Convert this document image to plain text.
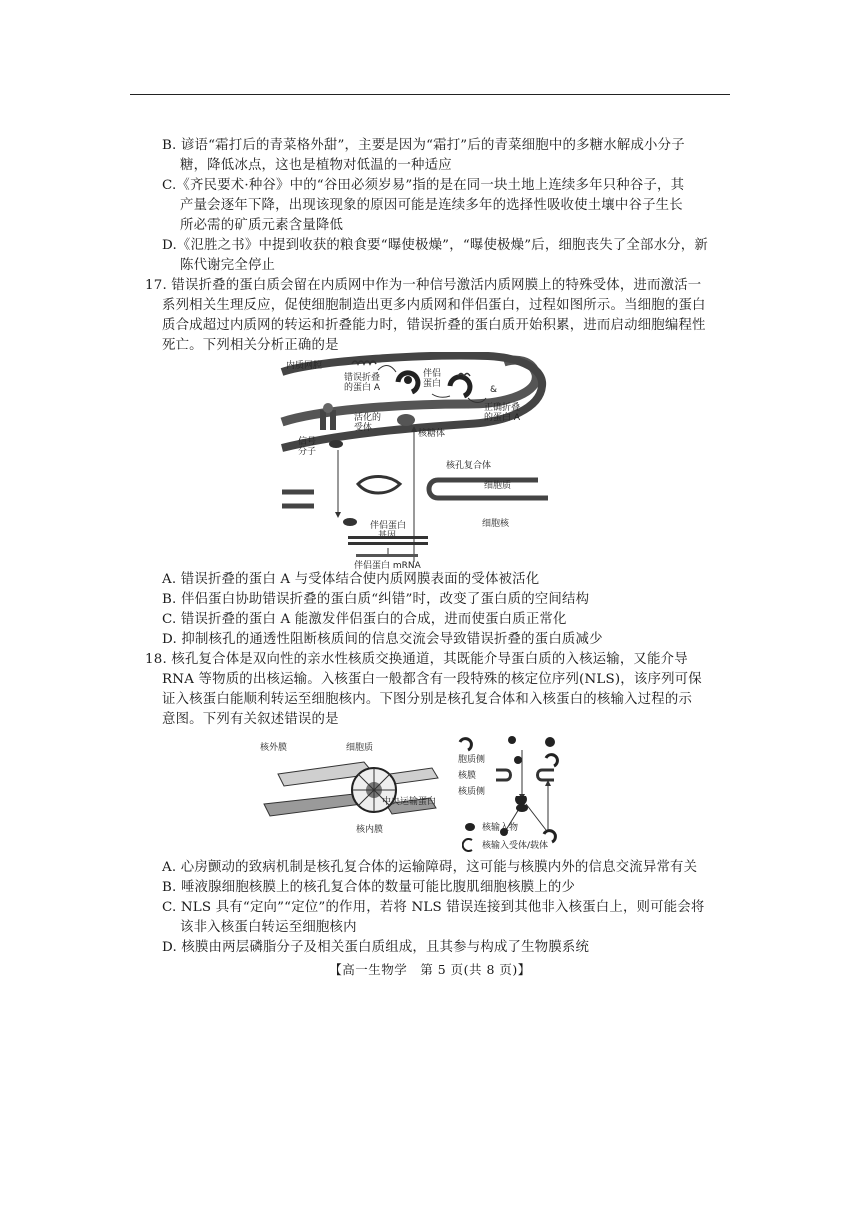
B. 谚语“霜打后的青菜格外甜”，主要是因为“霜打”后的青菜细胞中的多糖水解成小分子
糖，降低冰点，这也是植物对低温的一种适应
C.《齐民要术·种谷》中的“谷田必须岁易”指的是在同一块土地上连续多年只种谷子，其
产量会逐年下降，出现该现象的原因可能是连续多年的选择性吸收使土壤中谷子生长
所必需的矿质元素含量降低
D.《氾胜之书》中提到收获的粮食要“曝使极燥”，“曝使极燥”后，细胞丧失了全部水分，新
陈代谢完全停止
17. 错误折叠的蛋白质会留在内质网中作为一种信号激活内质网膜上的特殊受体，进而激活一
系列相关生理反应，促使细胞制造出更多内质网和伴侣蛋白，过程如图所示。当细胞的蛋白
质合成超过内质网的转运和折叠能力时，错误折叠的蛋白质开始积累，进而启动细胞编程性
死亡。下列相关分析正确的是
内质网腔
错误折叠
的蛋白 A
伴侣
蛋白
&
正确折叠
的蛋白 A
活化的
受体
核糖体
信号
分子
核孔复合体
细胞质
细胞核
伴侣蛋白
伴侣蛋白 mRNA
A. 错误折叠的蛋白 A 与受体结合使内质网膜表面的受体被活化
B. 伴侣蛋白协助错误折叠的蛋白质“纠错”时，改变了蛋白质的空间结构
C. 错误折叠的蛋白 A 能激发伴侣蛋白的合成，进而使蛋白质正常化
D. 抑制核孔的通透性阻断核质间的信息交流会导致错误折叠的蛋白质减少
18. 核孔复合体是双向性的亲水性核质交换通道，其既能介导蛋白质的入核运输，又能介导
RNA 等物质的出核运输。入核蛋白一般都含有一段特殊的核定位序列(NLS)，该序列可保
证入核蛋白能顺利转运至细胞核内。下图分别是核孔复合体和入核蛋白的核输入过程的示
意图。下列有关叙述错误的是
核外膜	细胞质
中央运输蛋白
核内膜
胞质侧
核膜
核质侧
核输入物
核输入受体/载体
A. 心房颤动的致病机制是核孔复合体的运输障碍，这可能与核膜内外的信息交流异常有关
B. 唾液腺细胞核膜上的核孔复合体的数量可能比腹肌细胞核膜上的少
C. NLS 具有“定向”“定位”的作用，若将 NLS 错误连接到其他非入核蛋白上，则可能会将
该非入核蛋白转运至细胞核内
D. 核膜由两层磷脂分子及相关蛋白质组成，且其参与构成了生物膜系统
【高一生物学　第 5 页(共 8 页)】
